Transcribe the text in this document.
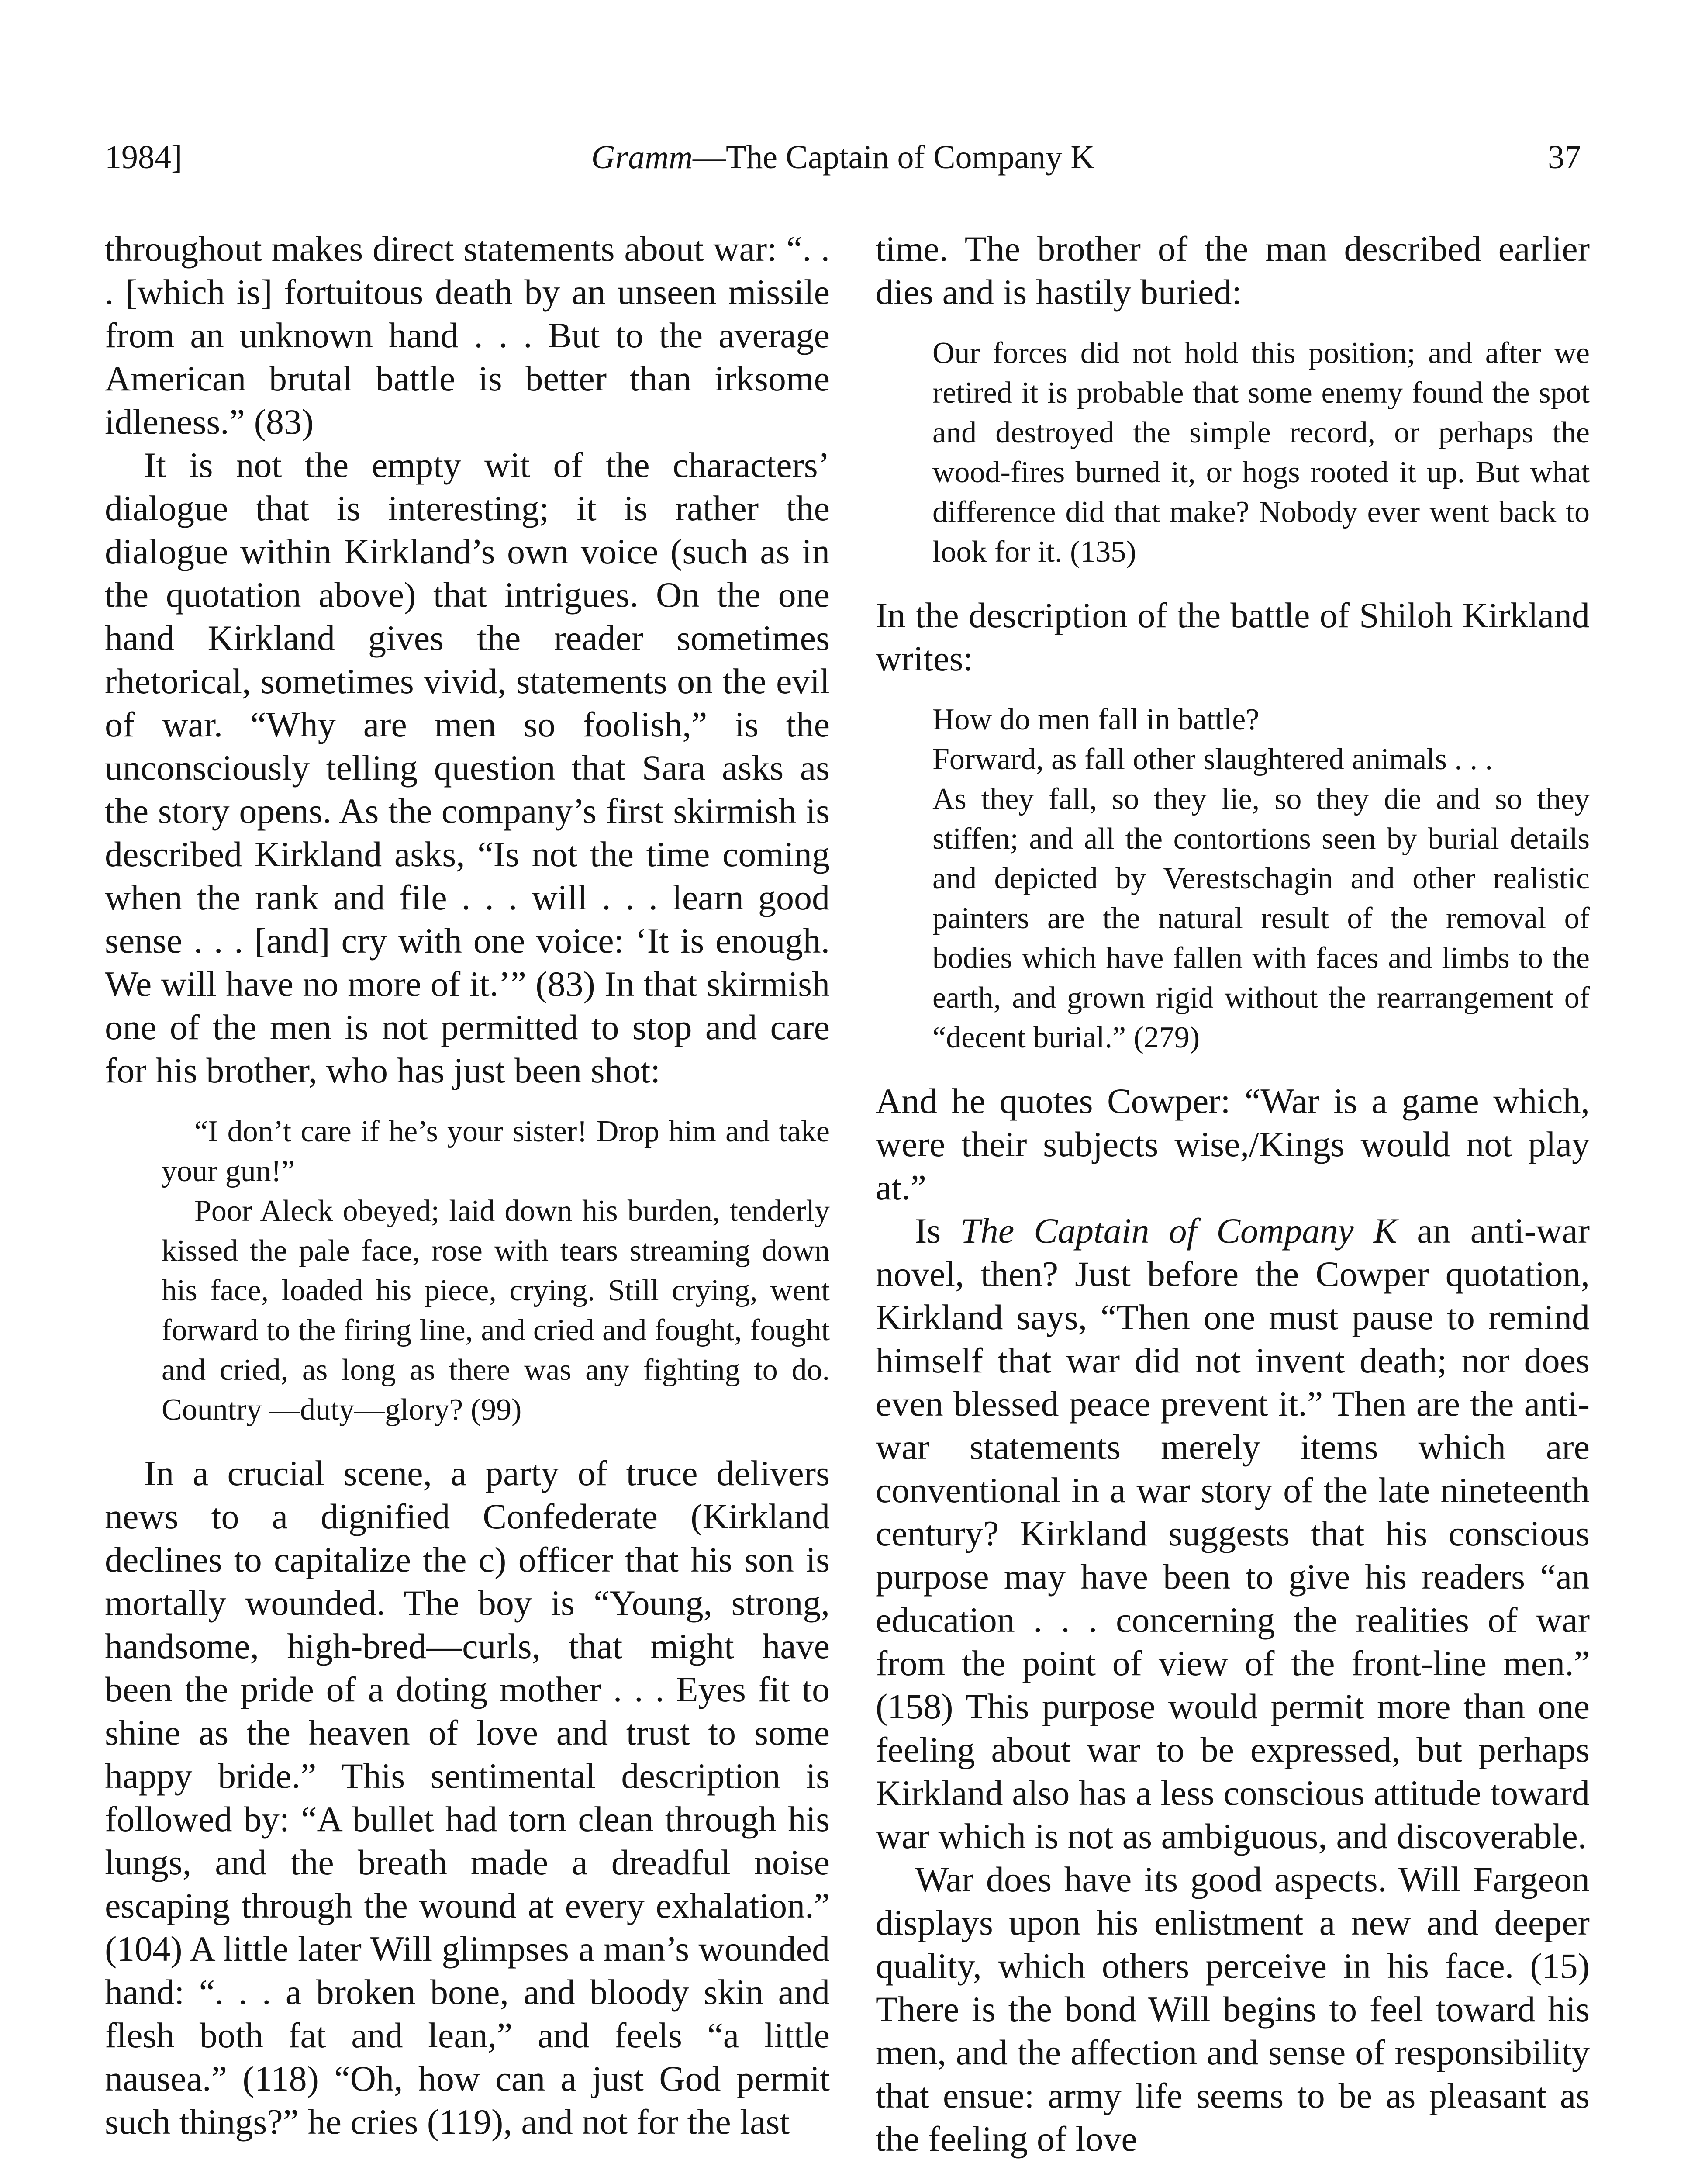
1984]	Gramm—The Captain of Company K	37

throughout makes direct statements about war: “. . . [which is] fortuitous death by an unseen missile from an unknown hand . . . But to the average American brutal battle is better than irksome idleness.” (83)

It is not the empty wit of the characters’ dialogue that is interesting; it is rather the dialogue within Kirkland’s own voice (such as in the quotation above) that intrigues. On the one hand Kirkland gives the reader sometimes rhetorical, sometimes vivid, statements on the evil of war. “Why are men so foolish,” is the unconsciously telling question that Sara asks as the story opens. As the company’s first skirmish is described Kirkland asks, “Is not the time coming when the rank and file . . . will . . . learn good sense . . . [and] cry with one voice: ‘It is enough. We will have no more of it.’” (83) In that skirmish one of the men is not permitted to stop and care for his brother, who has just been shot:

“I don’t care if he’s your sister! Drop him and take your gun!”

Poor Aleck obeyed; laid down his burden, tenderly kissed the pale face, rose with tears streaming down his face, loaded his piece, crying. Still crying, went forward to the firing line, and cried and fought, fought and cried, as long as there was any fighting to do. Country —duty—glory? (99)

In a crucial scene, a party of truce delivers news to a dignified Confederate (Kirkland declines to capitalize the c) officer that his son is mortally wounded. The boy is “Young, strong, handsome, high-bred—curls, that might have been the pride of a doting mother . . . Eyes fit to shine as the heaven of love and trust to some happy bride.” This sentimental description is followed by: “A bullet had torn clean through his lungs, and the breath made a dreadful noise escaping through the wound at every exhalation.” (104) A little later Will glimpses a man’s wounded hand: “. . . a broken bone, and bloody skin and flesh both fat and lean,” and feels “a little nausea.” (118) “Oh, how can a just God permit such things?” he cries (119), and not for the last

time. The brother of the man described earlier dies and is hastily buried:

Our forces did not hold this position; and after we retired it is probable that some enemy found the spot and destroyed the simple record, or perhaps the wood-fires burned it, or hogs rooted it up. But what difference did that make? Nobody ever went back to look for it. (135)

In the description of the battle of Shiloh Kirkland writes:

How do men fall in battle?

Forward, as fall other slaughtered animals . . .

As they fall, so they lie, so they die and so they stiffen; and all the contortions seen by burial details and depicted by Verestschagin and other realistic painters are the natural result of the removal of bodies which have fallen with faces and limbs to the earth, and grown rigid without the rearrangement of “decent burial.” (279)

And he quotes Cowper: “War is a game which, were their subjects wise,/Kings would not play at.”

Is The Captain of Company K an anti-war novel, then? Just before the Cowper quotation, Kirkland says, “Then one must pause to remind himself that war did not invent death; nor does even blessed peace prevent it.” Then are the anti-war statements merely items which are conventional in a war story of the late nineteenth century? Kirkland suggests that his conscious purpose may have been to give his readers “an education . . . concerning the realities of war from the point of view of the front-line men.” (158) This purpose would permit more than one feeling about war to be expressed, but perhaps Kirkland also has a less conscious attitude toward war which is not as ambiguous, and discoverable.

War does have its good aspects. Will Fargeon displays upon his enlistment a new and deeper quality, which others perceive in his face. (15) There is the bond Will begins to feel toward his men, and the affection and sense of responsibility that ensue: army life seems to be as pleasant as the feeling of love
